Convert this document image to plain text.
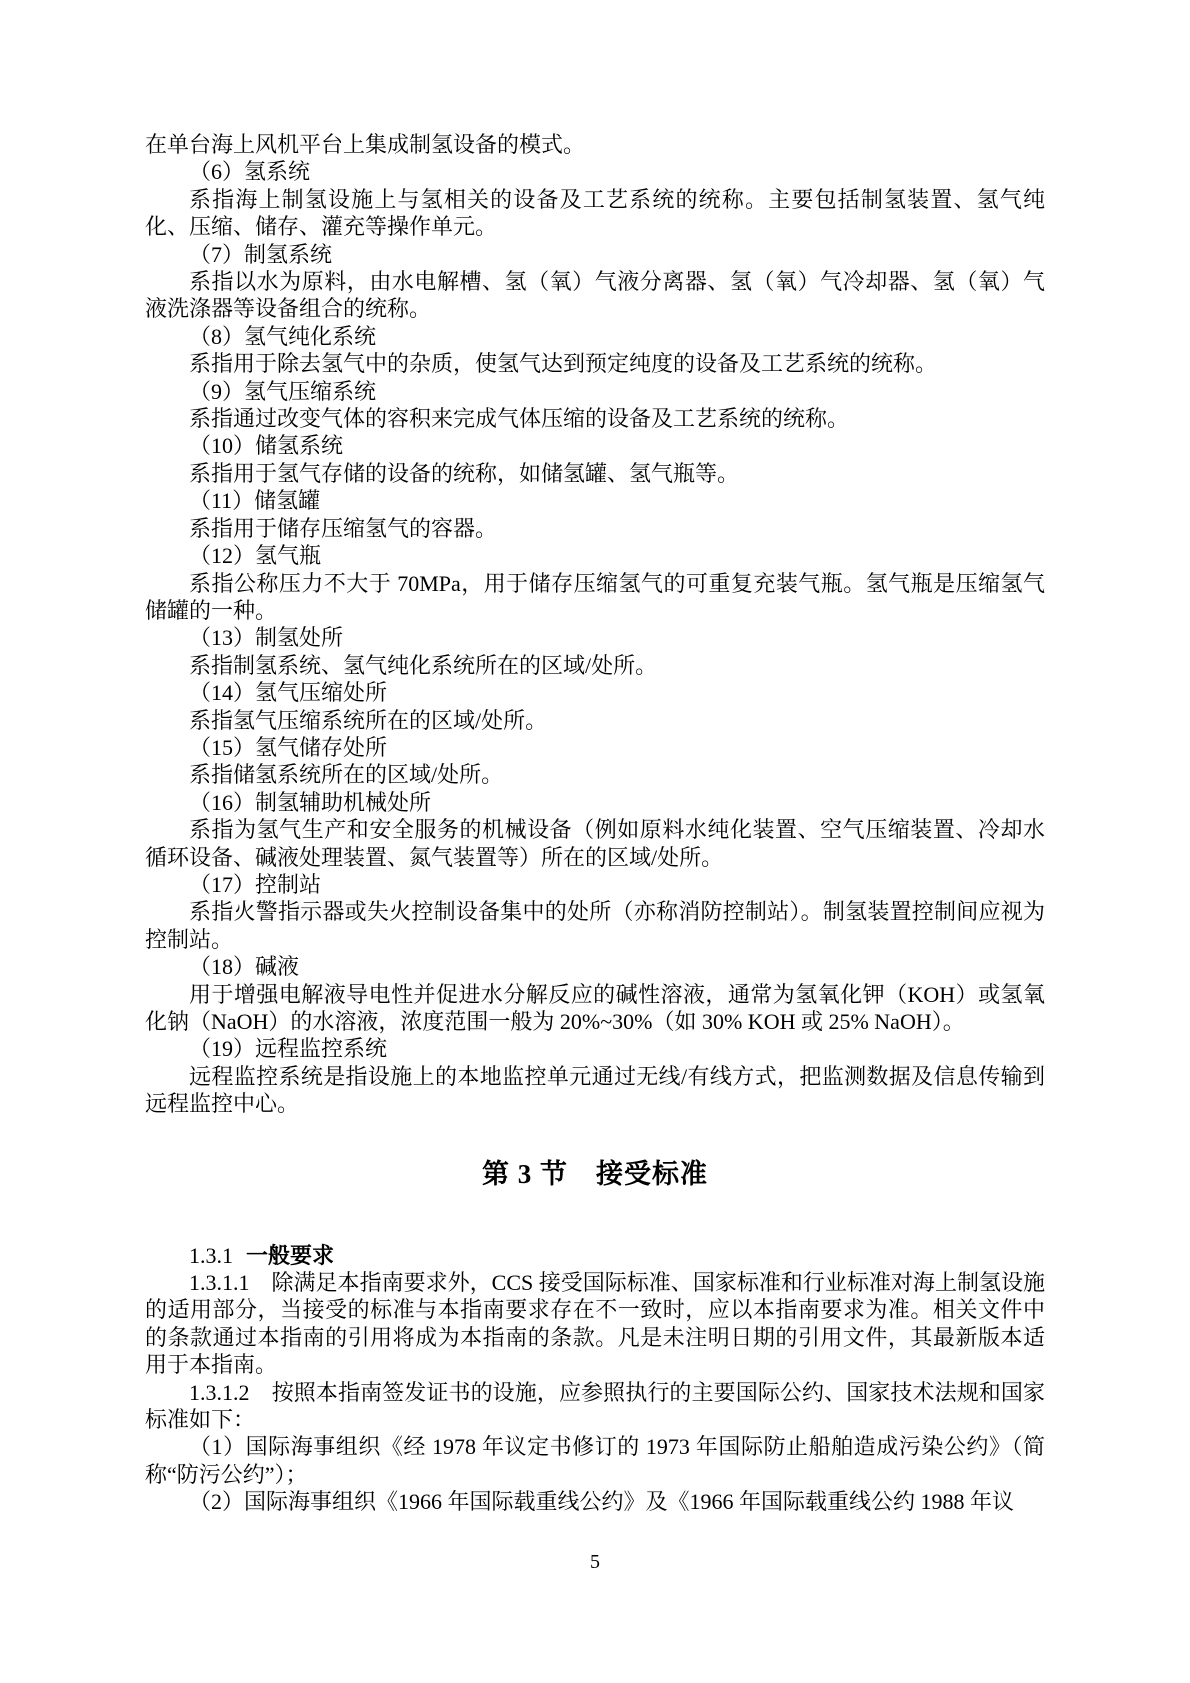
在单台海上风机平台上集成制氢设备的模式。

（6）氢系统

系指海上制氢设施上与氢相关的设备及工艺系统的统称。主要包括制氢装置、氢气纯化、压缩、储存、灌充等操作单元。

（7）制氢系统

系指以水为原料，由水电解槽、氢（氧）气液分离器、氢（氧）气冷却器、氢（氧）气液洗涤器等设备组合的统称。

（8）氢气纯化系统

系指用于除去氢气中的杂质，使氢气达到预定纯度的设备及工艺系统的统称。

（9）氢气压缩系统

系指通过改变气体的容积来完成气体压缩的设备及工艺系统的统称。

（10）储氢系统

系指用于氢气存储的设备的统称，如储氢罐、氢气瓶等。

（11）储氢罐

系指用于储存压缩氢气的容器。

（12）氢气瓶

系指公称压力不大于 70MPa，用于储存压缩氢气的可重复充装气瓶。氢气瓶是压缩氢气储罐的一种。

（13）制氢处所

系指制氢系统、氢气纯化系统所在的区域/处所。

（14）氢气压缩处所

系指氢气压缩系统所在的区域/处所。

（15）氢气储存处所

系指储氢系统所在的区域/处所。

（16）制氢辅助机械处所

系指为氢气生产和安全服务的机械设备（例如原料水纯化装置、空气压缩装置、冷却水循环设备、碱液处理装置、氮气装置等）所在的区域/处所。

（17）控制站

系指火警指示器或失火控制设备集中的处所（亦称消防控制站）。制氢装置控制间应视为控制站。

（18）碱液

用于增强电解液导电性并促进水分解反应的碱性溶液，通常为氢氧化钾（KOH）或氢氧化钠（NaOH）的水溶液，浓度范围一般为 20%~30%（如 30% KOH 或 25% NaOH）。

（19）远程监控系统

远程监控系统是指设施上的本地监控单元通过无线/有线方式，把监测数据及信息传输到远程监控中心。

第 3 节　接受标准
1.3.1 一般要求

1.3.1.1　除满足本指南要求外，CCS 接受国际标准、国家标准和行业标准对海上制氢设施的适用部分，当接受的标准与本指南要求存在不一致时，应以本指南要求为准。相关文件中的条款通过本指南的引用将成为本指南的条款。凡是未注明日期的引用文件，其最新版本适用于本指南。

1.3.1.2　按照本指南签发证书的设施，应参照执行的主要国际公约、国家技术法规和国家标准如下：

（1）国际海事组织《经 1978 年议定书修订的 1973 年国际防止船舶造成污染公约》（简称“防污公约”）；

（2）国际海事组织《1966 年国际载重线公约》及《1966 年国际载重线公约 1988 年议

5
